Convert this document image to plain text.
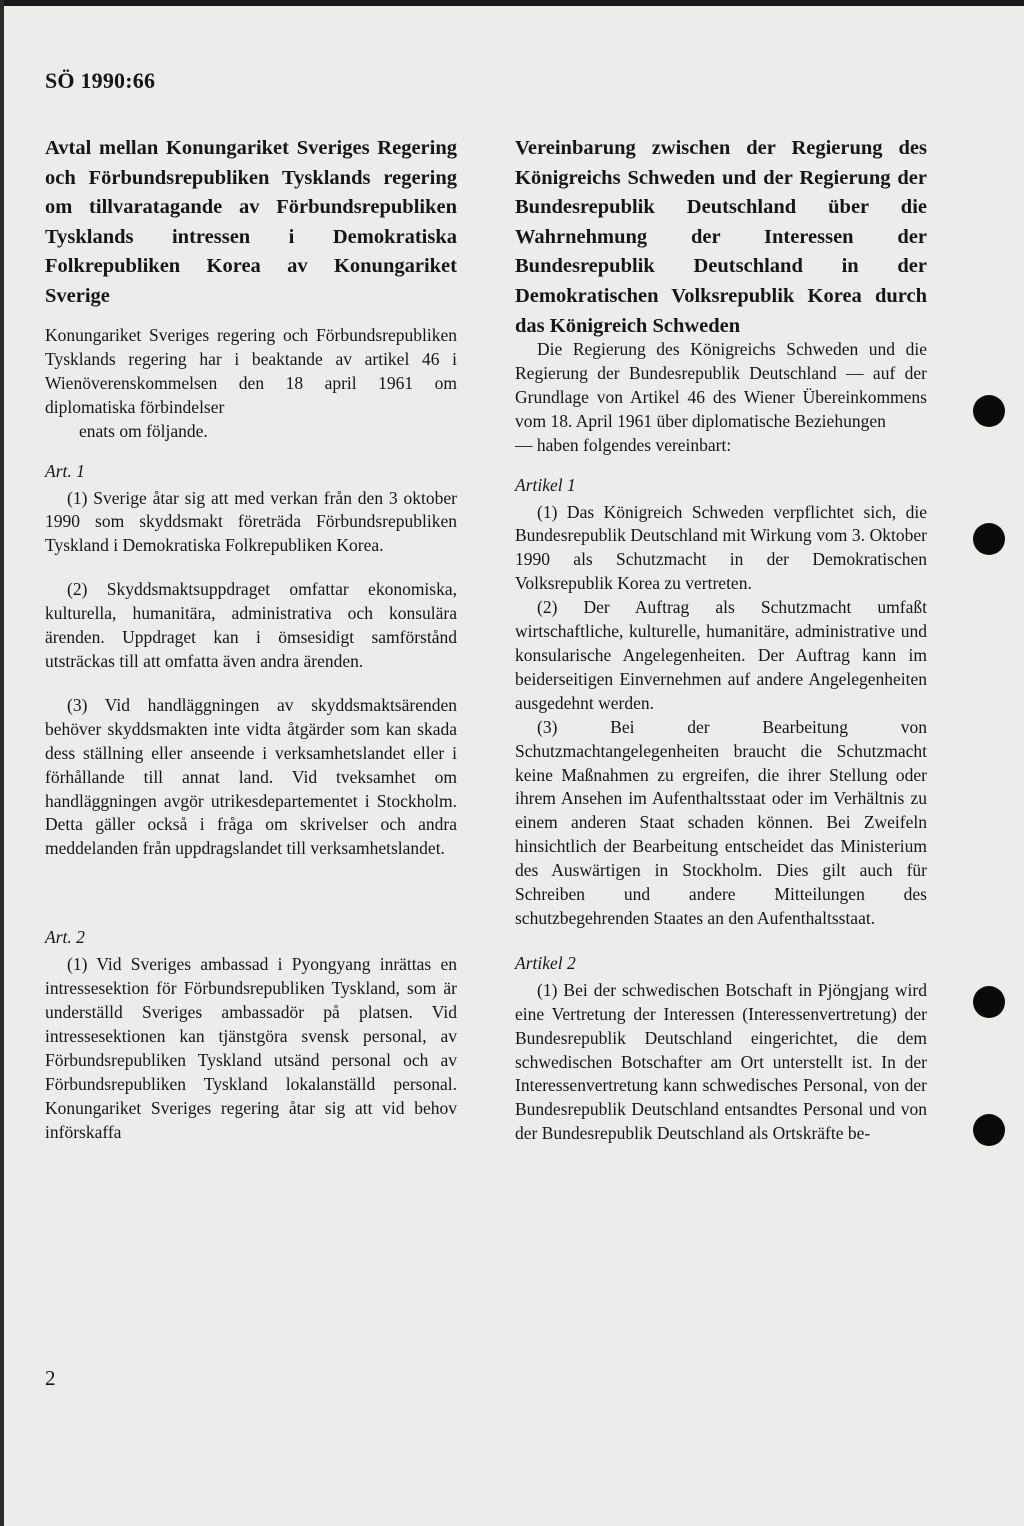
SÖ 1990:66

Avtal mellan Konungariket Sveriges Regering och Förbundsrepubliken Tysklands regering om tillvaratagande av Förbundsrepubliken Tysklands intressen i Demokratiska Folkrepubliken Korea av Konungariket Sverige

Konungariket Sveriges regering och Förbundsrepubliken Tysklands regering har i beaktande av artikel 46 i Wienöverenskommelsen den 18 april 1961 om diplomatiska förbindelser

enats om följande.

Art. 1

(1) Sverige åtar sig att med verkan från den 3 oktober 1990 som skyddsmakt företräda Förbundsrepubliken Tyskland i Demokratiska Folkrepubliken Korea.

(2) Skyddsmaktsuppdraget omfattar ekonomiska, kulturella, humanitära, administrativa och konsulära ärenden. Uppdraget kan i ömsesidigt samförstånd utsträckas till att omfatta även andra ärenden.

(3) Vid handläggningen av skyddsmaktsärenden behöver skyddsmakten inte vidta åtgärder som kan skada dess ställning eller anseende i verksamhetslandet eller i förhållande till annat land. Vid tveksamhet om handläggningen avgör utrikesdepartementet i Stockholm. Detta gäller också i fråga om skrivelser och andra meddelanden från uppdragslandet till verksamhetslandet.

Art. 2

(1) Vid Sveriges ambassad i Pyongyang inrättas en intressesektion för Förbundsrepubliken Tyskland, som är underställd Sveriges ambassadör på platsen. Vid intressesektionen kan tjänstgöra svensk personal, av Förbundsrepubliken Tyskland utsänd personal och av Förbundsrepubliken Tyskland lokalanställd personal. Konungariket Sveriges regering åtar sig att vid behov införskaffa

Vereinbarung zwischen der Regierung des Königreichs Schweden und der Regierung der Bundesrepublik Deutschland über die Wahrnehmung der Interessen der Bundesrepublik Deutschland in der Demokratischen Volksrepublik Korea durch das Königreich Schweden

Die Regierung des Königreichs Schweden und die Regierung der Bundesrepublik Deutschland — auf der Grundlage von Artikel 46 des Wiener Übereinkommens vom 18. April 1961 über diplomatische Beziehungen

— haben folgendes vereinbart:

Artikel 1

(1) Das Königreich Schweden verpflichtet sich, die Bundesrepublik Deutschland mit Wirkung vom 3. Oktober 1990 als Schutzmacht in der Demokratischen Volksrepublik Korea zu vertreten.

(2) Der Auftrag als Schutzmacht umfaßt wirtschaftliche, kulturelle, humanitäre, administrative und konsularische Angelegenheiten. Der Auftrag kann im beiderseitigen Einvernehmen auf andere Angelegenheiten ausgedehnt werden.

(3) Bei der Bearbeitung von Schutzmachtangelegenheiten braucht die Schutzmacht keine Maßnahmen zu ergreifen, die ihrer Stellung oder ihrem Ansehen im Aufenthaltsstaat oder im Verhältnis zu einem anderen Staat schaden können. Bei Zweifeln hinsichtlich der Bearbeitung entscheidet das Ministerium des Auswärtigen in Stockholm. Dies gilt auch für Schreiben und andere Mitteilungen des schutzbegehrenden Staates an den Aufenthaltsstaat.

Artikel 2

(1) Bei der schwedischen Botschaft in Pjöngjang wird eine Vertretung der Interessen (Interessenvertretung) der Bundesrepublik Deutschland eingerichtet, die dem schwedischen Botschafter am Ort unterstellt ist. In der Interessenvertretung kann schwedisches Personal, von der Bundesrepublik Deutschland entsandtes Personal und von der Bundesrepublik Deutschland als Ortskräfte be-

2
